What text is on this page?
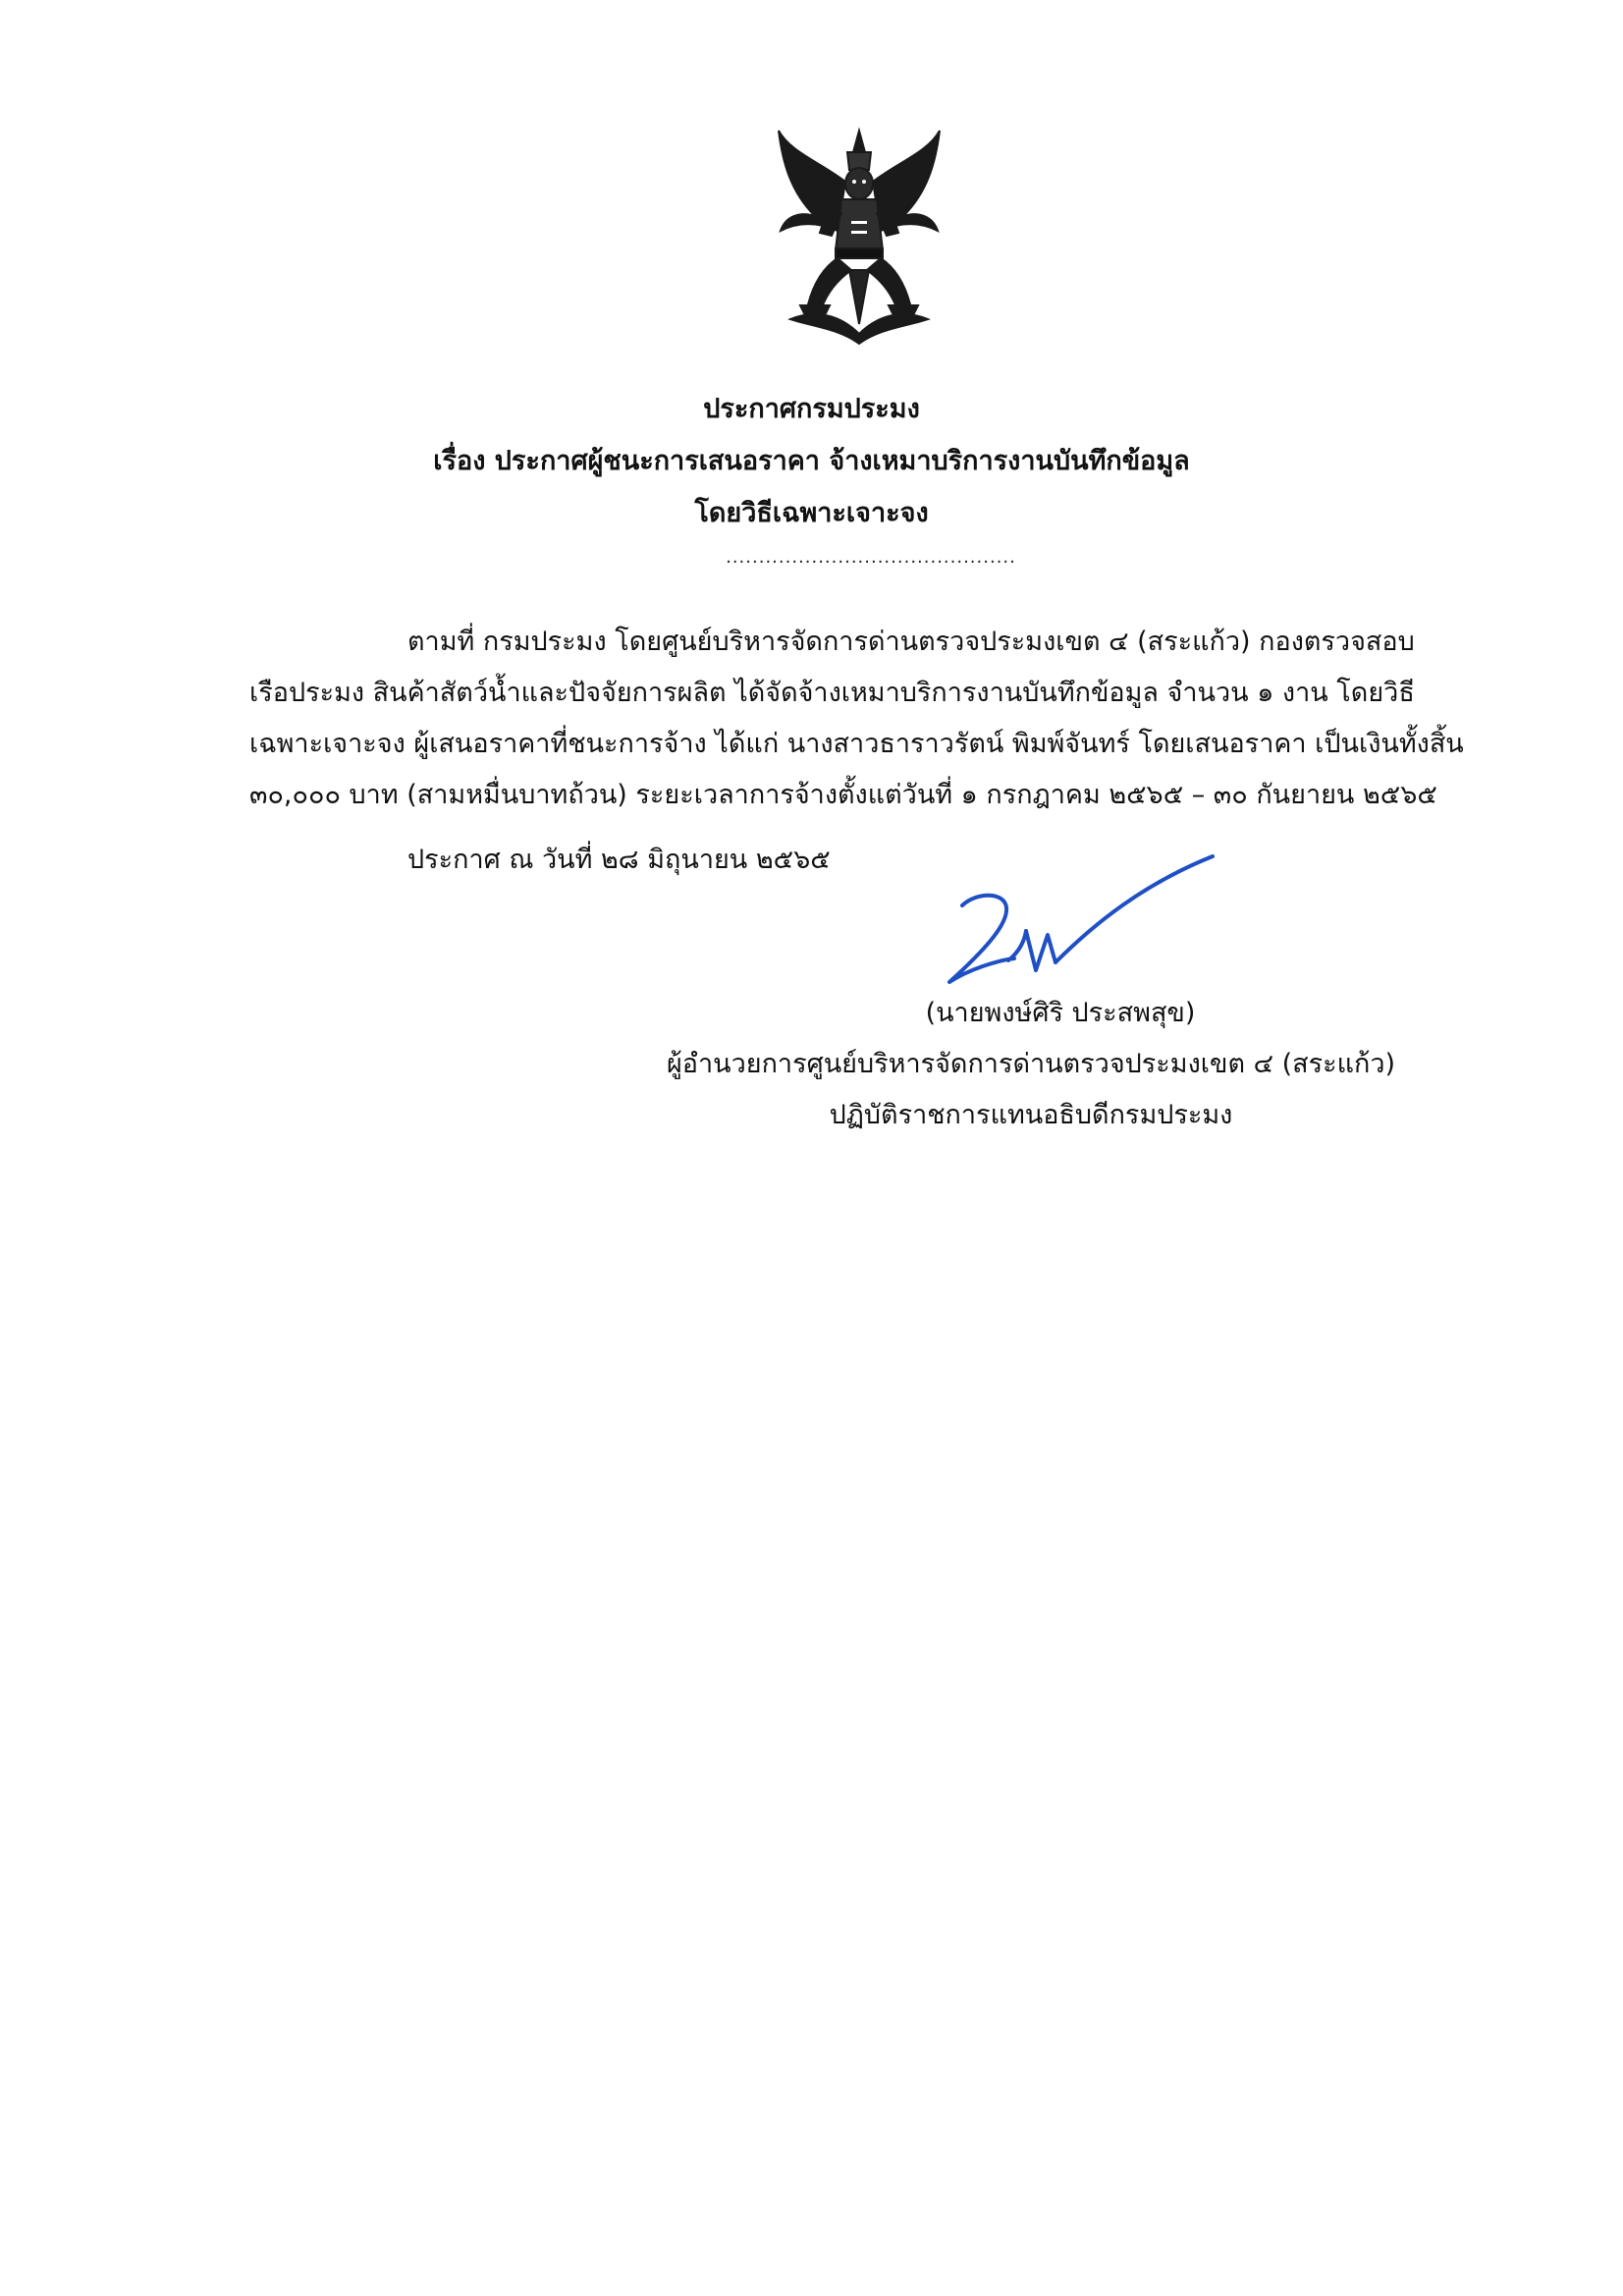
ประกาศกรมประมง
เรื่อง ประกาศผู้ชนะการเสนอราคา จ้างเหมาบริการงานบันทึกข้อมูล
โดยวิธีเฉพาะเจาะจง
............................................
ตามที่ กรมประมง โดยศูนย์บริหารจัดการด่านตรวจประมงเขต ๔ (สระแก้ว) กองตรวจสอบ
เรือประมง สินค้าสัตว์น้ำและปัจจัยการผลิต ได้จัดจ้างเหมาบริการงานบันทึกข้อมูล จำนวน ๑ งาน โดยวิธี
เฉพาะเจาะจง ผู้เสนอราคาที่ชนะการจ้าง ได้แก่ นางสาวธาราวรัตน์ พิมพ์จันทร์ โดยเสนอราคา เป็นเงินทั้งสิ้น
๓๐,๐๐๐ บาท (สามหมื่นบาทถ้วน) ระยะเวลาการจ้างตั้งแต่วันที่ ๑ กรกฎาคม ๒๕๖๕ – ๓๐ กันยายน ๒๕๖๕
ประกาศ ณ วันที่ ๒๘ มิถุนายน ๒๕๖๕
(นายพงษ์ศิริ ประสพสุข)
ผู้อำนวยการศูนย์บริหารจัดการด่านตรวจประมงเขต ๔ (สระแก้ว)
ปฏิบัติราชการแทนอธิบดีกรมประมง
